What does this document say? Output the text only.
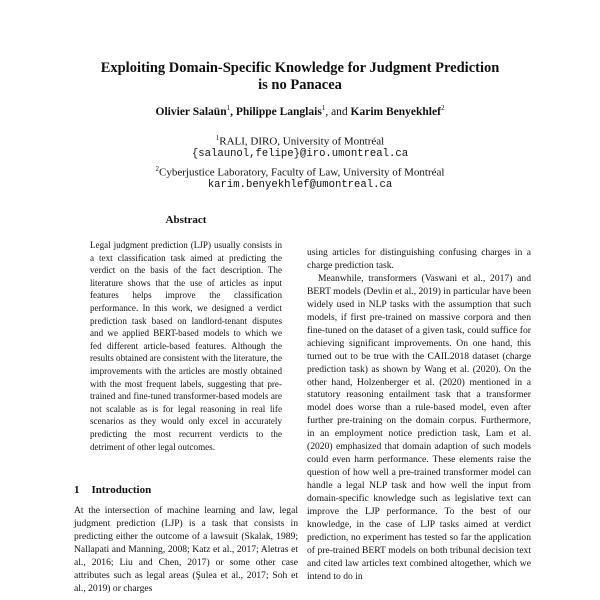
Exploiting Domain-Specific Knowledge for Judgment Prediction
is no Panacea
Olivier Salaün$^1$, Philippe Langlais$^1$, and Karim Benyekhlef$^2$
$^1$RALI, DIRO, University of Montréal
{salaunol,felipe}@iro.umontreal.ca
$^2$Cyberjustice Laboratory, Faculty of Law, University of Montréal
karim.benyekhlef@umontreal.ca
Abstract
Legal judgment prediction (LJP) usually consists in a text classification task aimed at predicting the verdict on the basis of the fact description. The literature shows that the use of articles as input features helps improve the classification performance. In this work, we designed a verdict prediction task based on landlord-tenant disputes and we applied BERT-based models to which we fed different article-based features. Although the results obtained are consistent with the literature, the improvements with the articles are mostly obtained with the most frequent labels, suggesting that pre-trained and fine-tuned transformer-based models are not scalable as is for legal reasoning in real life scenarios as they would only excel in accurately predicting the most recurrent verdicts to the detriment of other legal outcomes.
1 Introduction

At the intersection of machine learning and law, legal judgment prediction (LJP) is a task that consists in predicting either the outcome of a lawsuit (Skalak, 1989; Nallapati and Manning, 2008; Katz et al., 2017; Aletras et al., 2016; Liu and Chen, 2017) or some other case attributes such as legal areas (Şulea et al., 2017; Soh et al., 2019) or charges

using articles for distinguishing confusing charges in a charge prediction task.

Meanwhile, transformers (Vaswani et al., 2017) and BERT models (Devlin et al., 2019) in particular have been widely used in NLP tasks with the assumption that such models, if first pre-trained on massive corpora and then fine-tuned on the dataset of a given task, could suffice for achieving significant improvements. On one hand, this turned out to be true with the CAIL2018 dataset (charge prediction task) as shown by Wang et al. (2020). On the other hand, Holzenberger et al. (2020) mentioned in a statutory reasoning entailment task that a transformer model does worse than a rule-based model, even after further pre-training on the domain corpus. Furthermore, in an employment notice prediction task, Lam et al. (2020) emphasized that domain adaption of such models could even harm performance. These elements raise the question of how well a pre-trained transformer model can handle a legal NLP task and how well the input from domain-specific knowledge such as legislative text can improve the LJP performance. To the best of our knowledge, in the case of LJP tasks aimed at verdict prediction, no experiment has tested so far the application of pre-trained BERT models on both tribunal decision text and cited law articles text combined altogether, which we intend to do in
